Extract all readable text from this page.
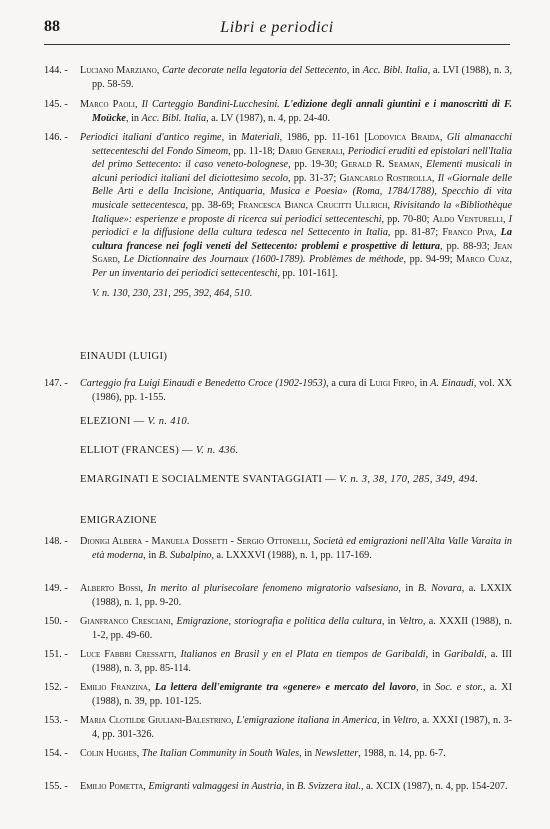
88	Libri e periodici
144. -	Luciano Marziano, Carte decorate nella legatoria del Settecento, in Acc. Bibl. Italia, a. LVI (1988), n. 3, pp. 58-59.
145. -	Marco Paoli, Il Carteggio Bandini-Lucchesini. L'edizione degli annali giuntini e i manoscritti di F. Moücke, in Acc. Bibl. Italia, a. LV (1987), n. 4, pp. 24-40.
146. -	Periodici italiani d'antico regime, in Materiali, 1986, pp. 11-161 [Lodovica Braida, Gli almanacchi settecenteschi del Fondo Simeom, pp. 11-18; Dario Generali, Periodici eruditi ed epistolari nell'Italia del primo Settecento: il caso veneto-bolognese, pp. 19-30; Gerald R. Seaman, Elementi musicali in alcuni periodici italiani del diciottesimo secolo, pp. 31-37; Giancarlo Rostirolla, Il «Giornale delle Belle Arti e della Incisione, Antiquaria, Musica e Poesia» (Roma, 1784/1788), Specchio di vita musicale settecentesca, pp. 38-69; Francesca Bianca Crucitti Ullrich, Rivisitando la «Bibliothèque Italique»: esperienze e proposte di ricerca sui periodici settecenteschi, pp. 70-80; Aldo Venturelli, I periodici e la diffusione della cultura tedesca nel Settecento in Italia, pp. 81-87; Franco Piva, La cultura francese nei fogli veneti del Settecento: problemi e prospettive di lettura, pp. 88-93; Jean Sgard, Le Dictionnaire des Journaux (1600-1789). Problèmes de méthode, pp. 94-99; Marco Cuaz, Per un inventario dei periodici settecenteschi, pp. 101-161].
V. n. 130, 230, 231, 295, 392, 464, 510.
EINAUDI (LUIGI)
147. -	Carteggio fra Luigi Einaudi e Benedetto Croce (1902-1953), a cura di Luigi Firpo, in A. Einaudi, vol. XX (1986), pp. 1-155.
ELEZIONI — V. n. 410.
ELLIOT (FRANCES) — V. n. 436.
EMARGINATI E SOCIALMENTE SVANTAGGIATI — V. n. 3, 38, 170, 285, 349, 494.
EMIGRAZIONE
148. -	Dionigi Albera - Manuela Dossetti - Sergio Ottonelli, Società ed emigrazioni nell'Alta Valle Varaita in età moderna, in B. Subalpino, a. LXXXVI (1988), n. 1, pp. 117-169.
149. -	Alberto Bossi, In merito al plurisecolare fenomeno migratorio valsesiano, in B. Novara, a. LXXIX (1988), n. 1, pp. 9-20.
150. -	Gianfranco Cresciani, Emigrazione, storiografia e politica della cultura, in Veltro, a. XXXII (1988), n. 1-2, pp. 49-60.
151. -	Luce Fabbri Cressatti, Italianos en Brasil y en el Plata en tiempos de Garibaldi, in Garibaldi, a. III (1988), n. 3, pp. 85-114.
152. -	Emilio Franzina, La lettera dell'emigrante tra «genere» e mercato del lavoro, in Soc. e stor., a. XI (1988), n. 39, pp. 101-125.
153. -	Maria Clotilde Giuliani-Balestrino, L'emigrazione italiana in America, in Veltro, a. XXXI (1987), n. 3-4, pp. 301-326.
154. -	Colin Hughes, The Italian Community in South Wales, in Newsletter, 1988, n. 14, pp. 6-7.
155. -	Emilio Pometta, Emigranti valmaggesi in Austria, in B. Svizzera ital., a. XCIX (1987), n. 4, pp. 154-207.
